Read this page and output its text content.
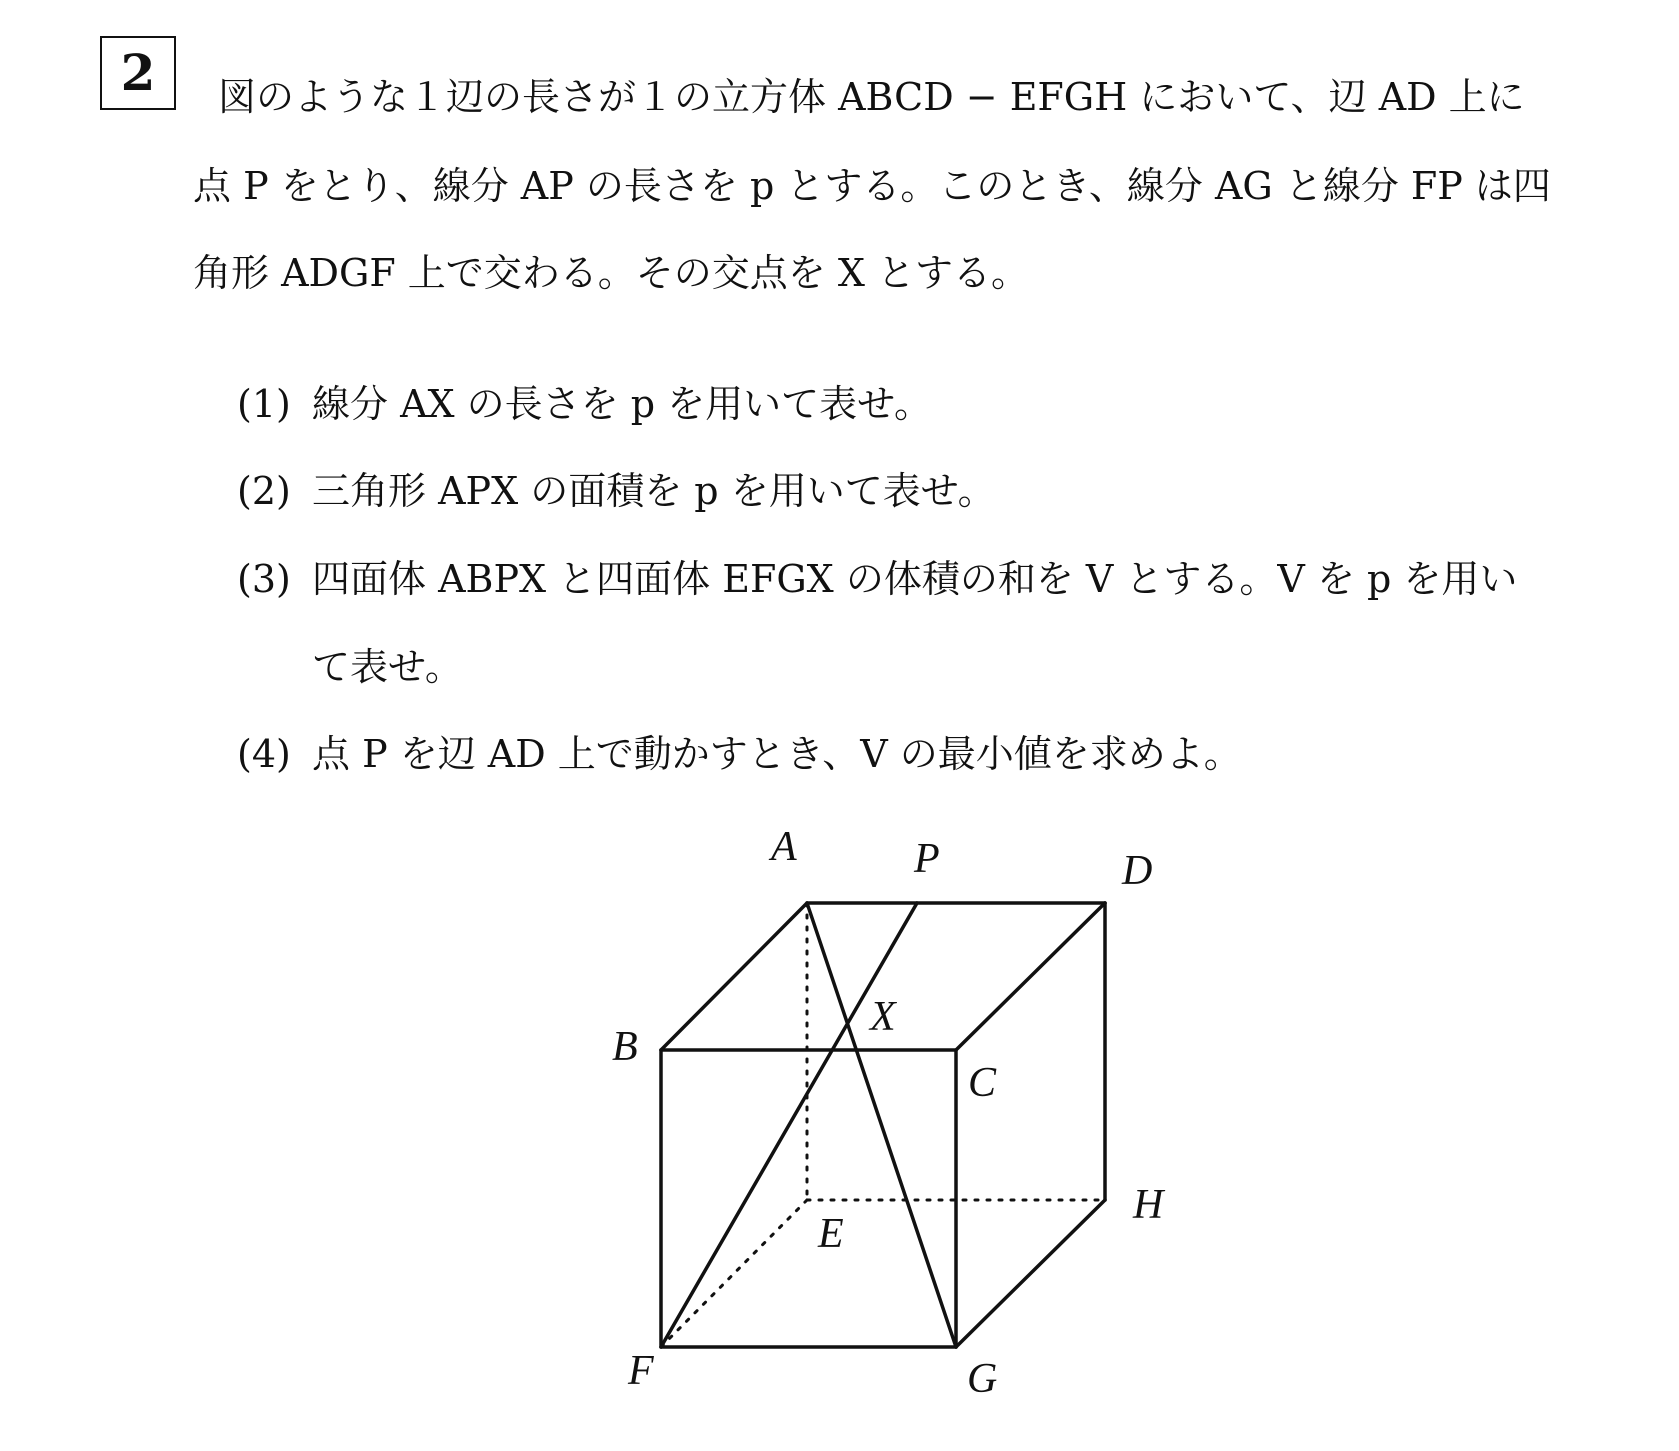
2 図のような１辺の長さが１の立方体 ABCD − EFGH において、辺 AD 上に
点 P をとり、線分 AP の長さを p とする。このとき、線分 AG と線分 FP は四
角形 ADGF 上で交わる。その交点を X とする。
(1) 線分 AX の長さを p を用いて表せ。
(2) 三角形 APX の面積を p を用いて表せ。
(3) 四面体 ABPX と四面体 EFGX の体積の和を V とする。V を p を用い
て表せ。
(4) 点 P を辺 AD 上で動かすとき、V の最小値を求めよ。
A	P	D
B
X
C
H
E
F	G
